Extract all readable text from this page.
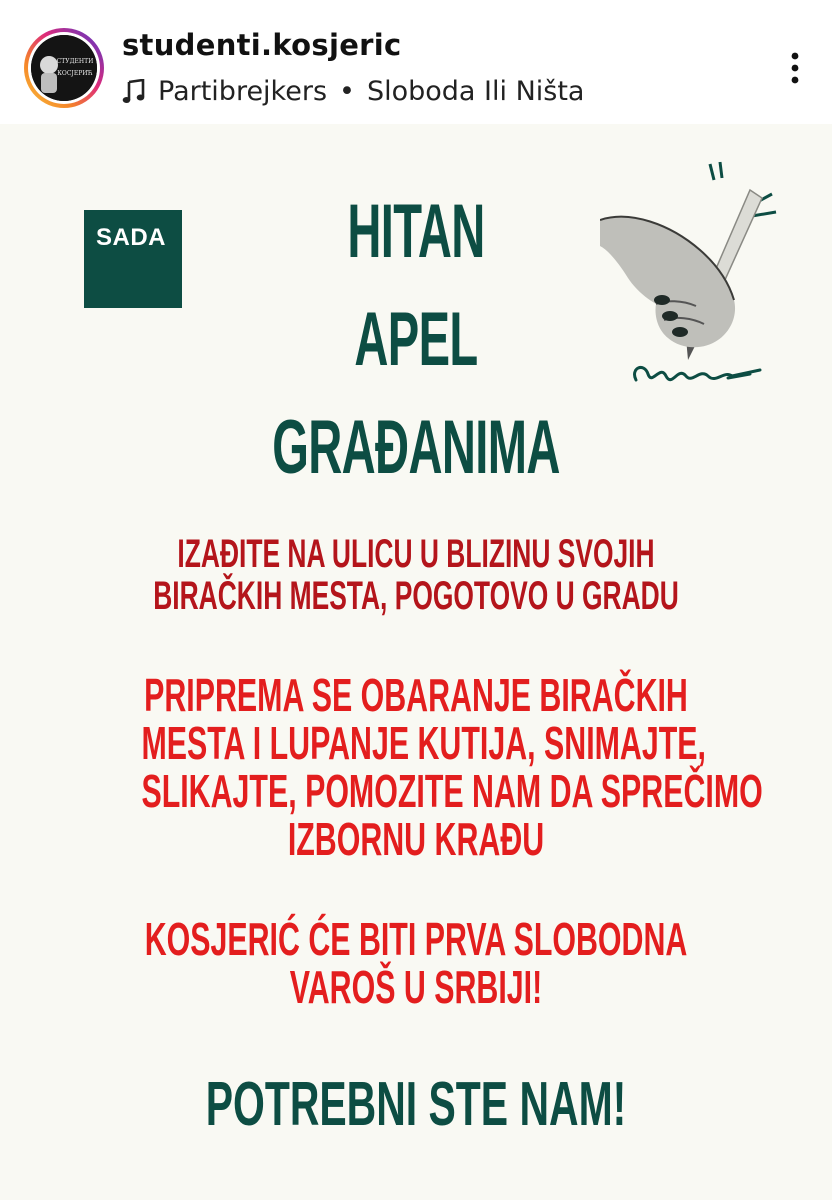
СТУДЕНТИ
КОСЈЕРИЋ
studenti.kosjeric
Partibrejkers • Sloboda Ili Ništa
SADA	HITAN
APEL
GRAĐANIMA
IZAĐITE NA ULICU U BLIZINU SVOJIH
BIRAČKIH MESTA, POGOTOVO U GRADU
PRIPREMA SE OBARANJE BIRAČKIH
MESTA I LUPANJE KUTIJA, SNIMAJTE,
SLIKAJTE, POMOZITE NAM DA SPREČIMO
IZBORNU KRAĐU
KOSJERIĆ ĆE BITI PRVA SLOBODNA
VAROŠ U SRBIJI!
POTREBNI STE NAM!
